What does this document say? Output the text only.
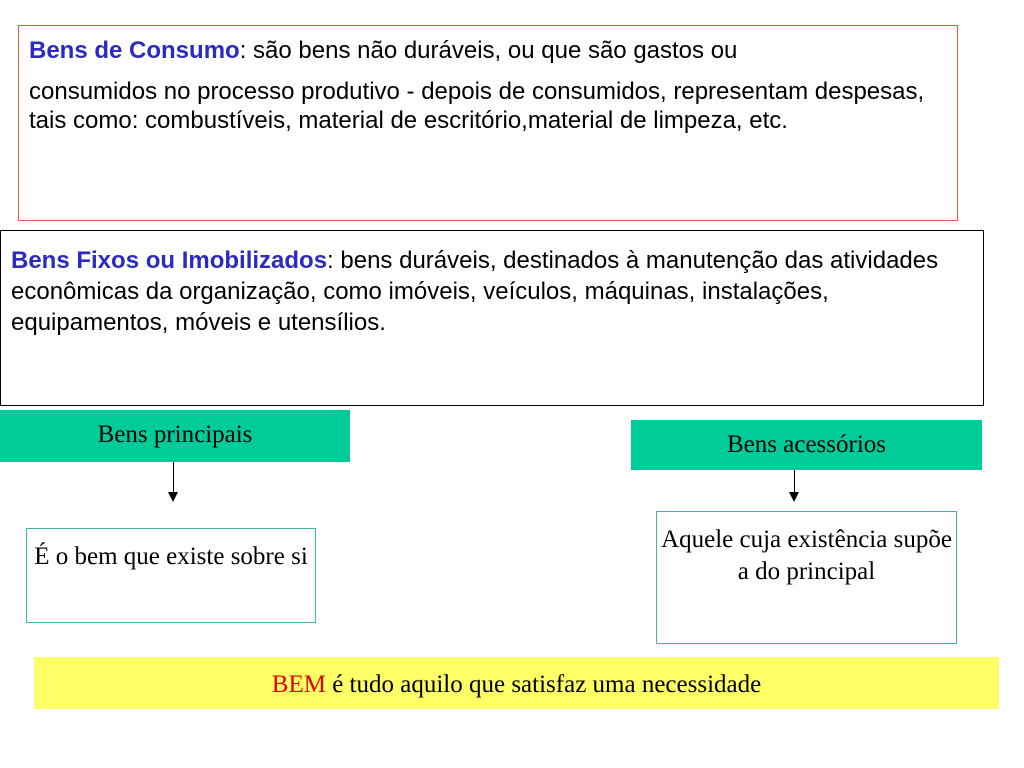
Bens de Consumo: são bens não duráveis, ou que são gastos ou

consumidos no processo produtivo - depois de consumidos, representam despesas, tais como: combustíveis, material de escritório,material de limpeza, etc.

Bens Fixos ou Imobilizados: bens duráveis, destinados à manutenção das atividades econômicas da organização, como imóveis, veículos, máquinas, instalações, equipamentos, móveis e utensílios.
Bens principais	Bens acessórios
É o bem que existe sobre si
Aquele cuja existência supõe a do principal
BEM é tudo aquilo que satisfaz uma necessidade
